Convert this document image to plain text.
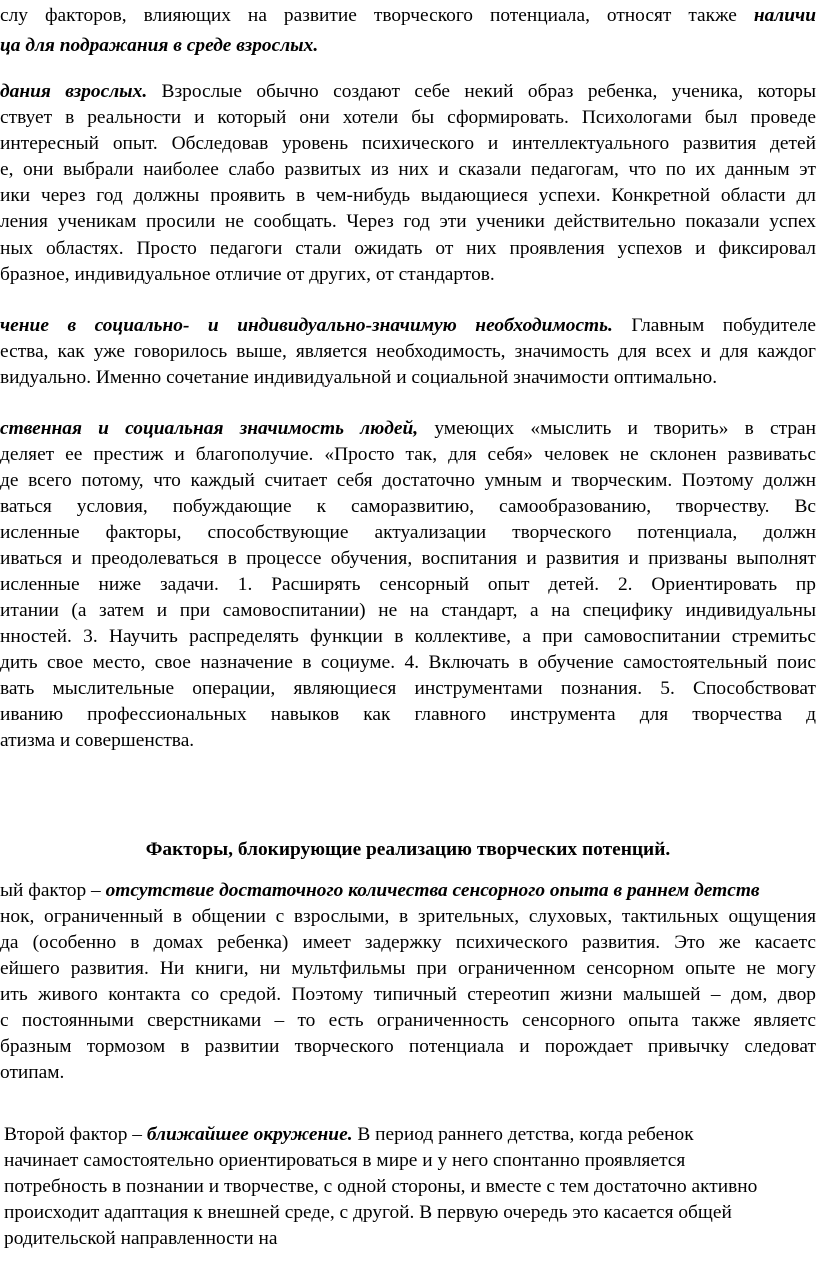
слу факторов, влияющих на развитие творческого потенциала, относят также наличи
ца для подражания в среде взрослых.
дания взрослых. Взрослые обычно создают себе некий образ ребенка, ученика, которы
ствует в реальности и который они хотели бы сформировать. Психологами был проведе
интересный опыт. Обследовав уровень психического и интеллектуального развития детей
е, они выбрали наиболее слабо развитых из них и сказали педагогам, что по их данным эт
ики через год должны проявить в чем-нибудь выдающиеся успехи. Конкретной области дл
ления ученикам просили не сообщать. Через год эти ученики действительно показали успех
ных областях. Просто педагоги стали ожидать от них проявления успехов и фиксировал
бразное, индивидуальное отличие от других, от стандартов.
чение в социально- и индивидуально-значимую необходимость. Главным побудителе
ества, как уже говорилось выше, является необходимость, значимость для всех и для каждог
видуально. Именно сочетание индивидуальной и социальной значимости оптимально.
ственная и социальная значимость людей, умеющих «мыслить и творить» в стран
деляет ее престиж и благополучие. «Просто так, для себя» человек не склонен развиватьс
де всего потому, что каждый считает себя достаточно умным и творческим. Поэтому должн
ваться условия, побуждающие к саморазвитию, самообразованию, творчеству. Вс
исленные факторы, способствующие актуализации творческого потенциала, должн
иваться и преодолеваться в процессе обучения, воспитания и развития и призваны выполнят
исленные ниже задачи. 1. Расширять сенсорный опыт детей. 2. Ориентировать пр
итании (а затем и при самовоспитании) не на стандарт, а на специфику индивидуальны
нностей. 3. Научить распределять функции в коллективе, а при самовоспитании стремитьс
дить свое место, свое назначение в социуме. 4. Включать в обучение самостоятельный поис
вать мыслительные операции, являющиеся инструментами познания. 5. Способствоват
иванию профессиональных навыков как главного инструмента для творчества д
атизма и совершенства.
Факторы, блокирующие реализацию творческих потенций.
ый фактор – отсутствие достаточного количества сенсорного опыта в раннем детств
нок, ограниченный в общении с взрослыми, в зрительных, слуховых, тактильных ощущения
да (особенно в домах ребенка) имеет задержку психического развития. Это же касаетс
ейшего развития. Ни книги, ни мультфильмы при ограниченном сенсорном опыте не могу
ить живого контакта со средой. Поэтому типичный стереотип жизни малышей – дом, двор
с постоянными сверстниками – то есть ограниченность сенсорного опыта также являетс
бразным тормозом в развитии творческого потенциала и порождает привычку следоват
отипам.
Второй фактор – ближайшее окружение. В период раннего детства, когда ребенок
начинает самостоятельно ориентироваться в мире и у него спонтанно проявляется
потребность в познании и творчестве, с одной стороны, и вместе с тем достаточно активно
происходит адаптация к внешней среде, с другой. В первую очередь это касается общей
родительской направленности на
